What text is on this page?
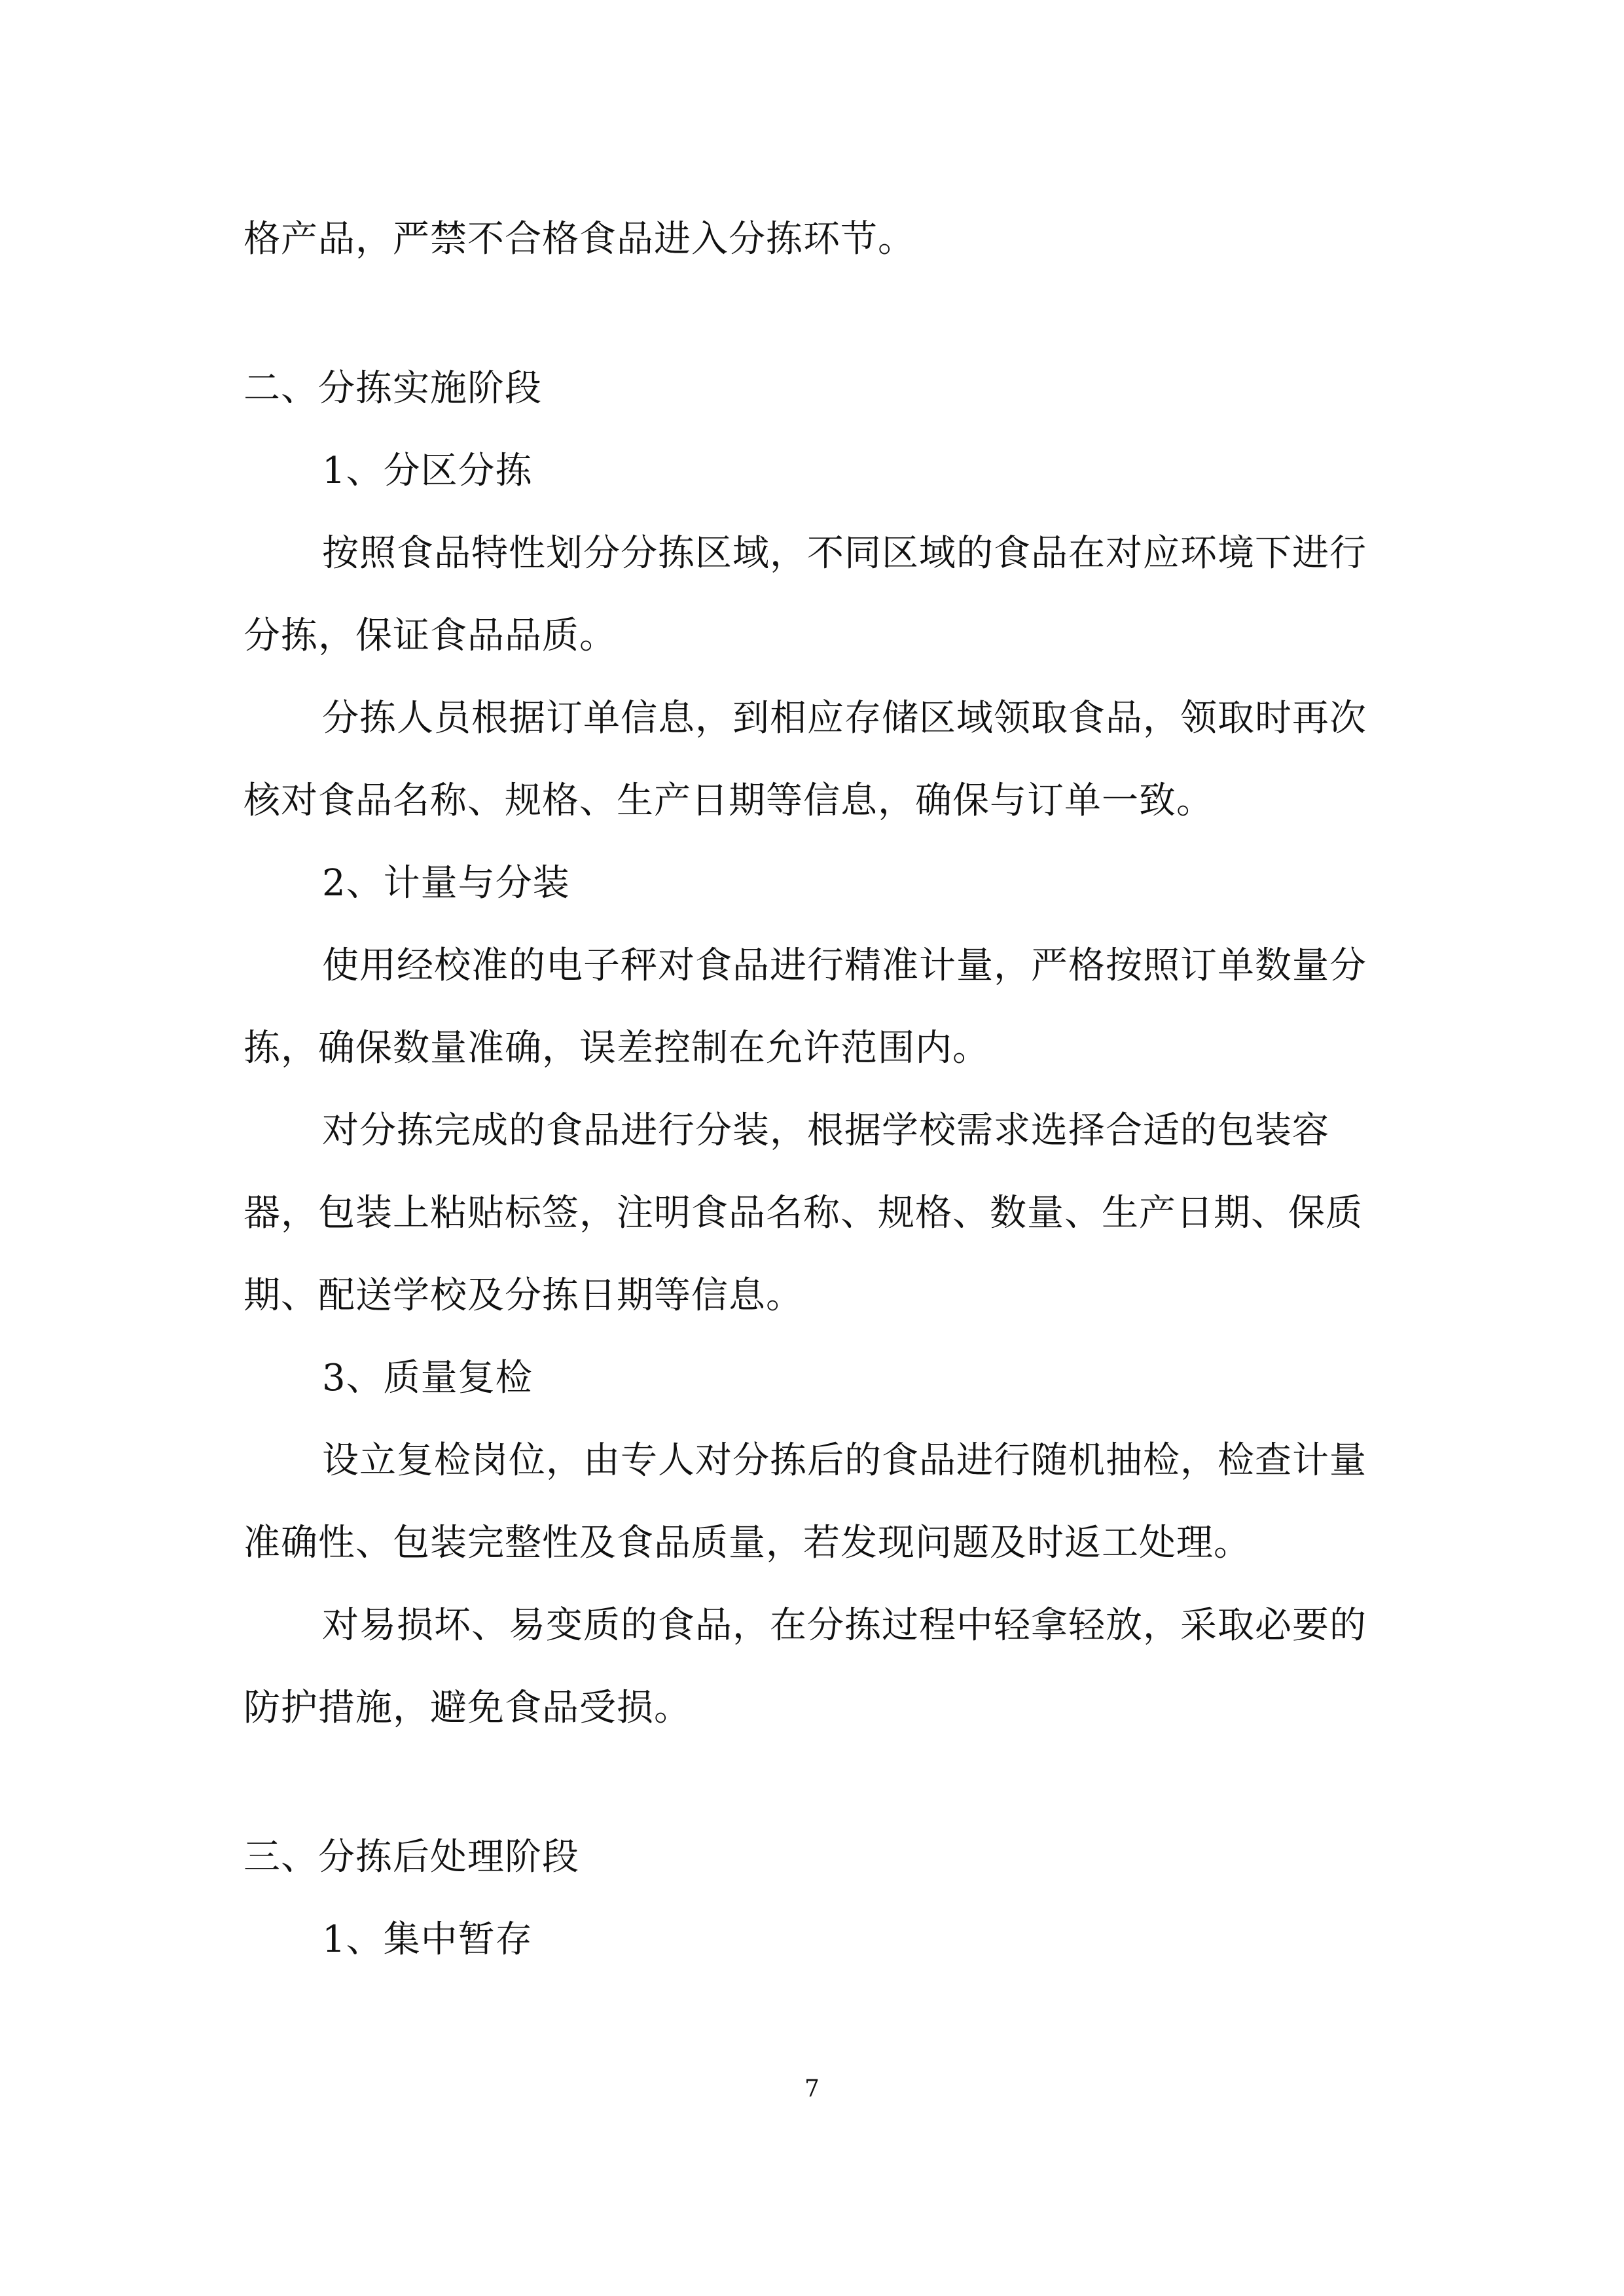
格产品，严禁不合格食品进入分拣环节。
二、分拣实施阶段
1、分区分拣
按照食品特性划分分拣区域，不同区域的食品在对应环境下进行
分拣，保证食品品质。
分拣人员根据订单信息，到相应存储区域领取食品，领取时再次
核对食品名称、规格、生产日期等信息，确保与订单一致。
2、计量与分装
使用经校准的电子秤对食品进行精准计量，严格按照订单数量分
拣，确保数量准确，误差控制在允许范围内。
对分拣完成的食品进行分装，根据学校需求选择合适的包装容
器，包装上粘贴标签，注明食品名称、规格、数量、生产日期、保质
期、配送学校及分拣日期等信息。
3、质量复检
设立复检岗位，由专人对分拣后的食品进行随机抽检，检查计量
准确性、包装完整性及食品质量，若发现问题及时返工处理。
对易损坏、易变质的食品，在分拣过程中轻拿轻放，采取必要的
防护措施，避免食品受损。
三、分拣后处理阶段
1、集中暂存
7
